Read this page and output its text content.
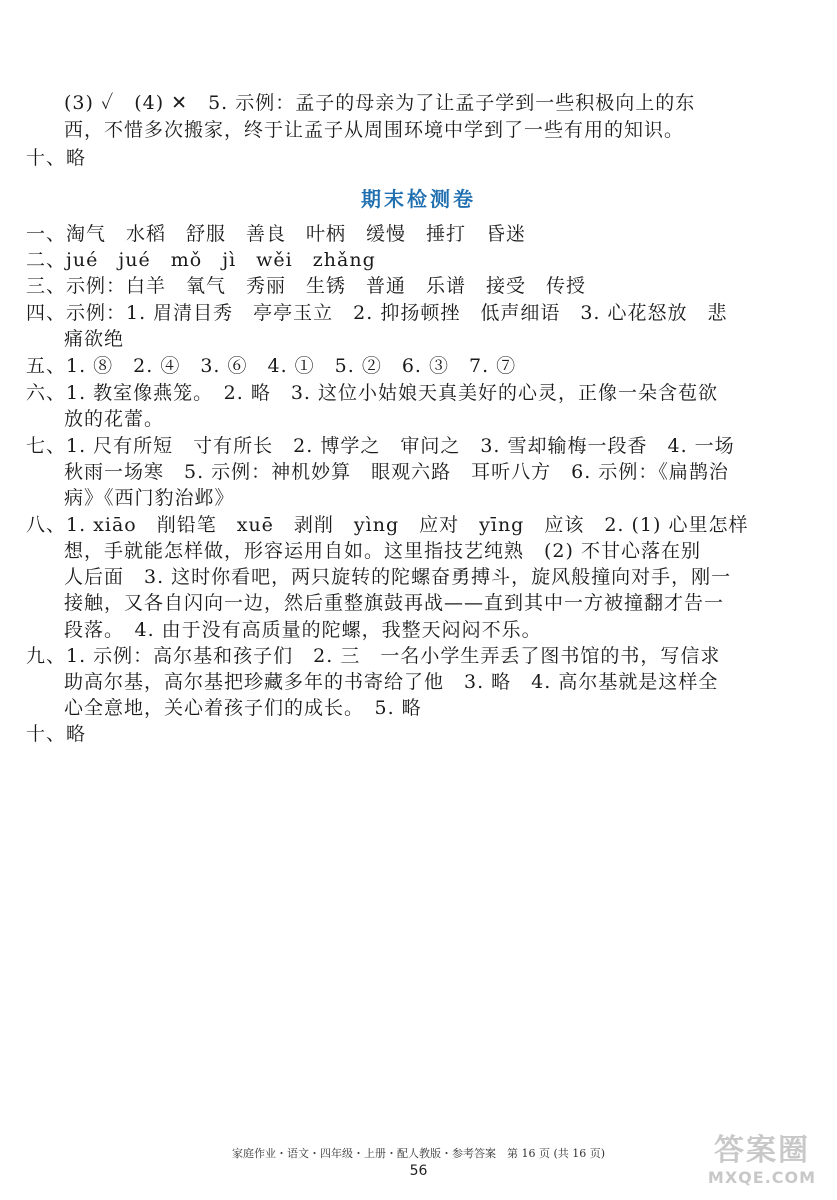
(3) ✓　(4) ✕　5. 示例：孟子的母亲为了让孟子学到一些积极向上的东
西，不惜多次搬家，终于让孟子从周围环境中学到了一些有用的知识。
十、略
期末检测卷
一、淘气　水稻　舒服　善良　叶柄　缓慢　捶打　昏迷
二、jué　jué　mǒ　jì　wěi　zhǎng
三、示例：白羊　氧气　秀丽　生锈　普通　乐谱　接受　传授
四、示例：1. 眉清目秀　亭亭玉立　2. 抑扬顿挫　低声细语　3. 心花怒放　悲
痛欲绝
五、1. ⑧　2. ④　3. ⑥　4. ①　5. ②　6. ③　7. ⑦
六、1. 教室像燕笼。　2. 略　3. 这位小姑娘天真美好的心灵，正像一朵含苞欲
放的花蕾。
七、1. 尺有所短　寸有所长　2. 博学之　审问之　3. 雪却输梅一段香　4. 一场
秋雨一场寒　5. 示例：神机妙算　眼观六路　耳听八方　6. 示例：《扁鹊治
病》《西门豹治邺》
八、1. xiāo　削铅笔　xuē　剥削　yìng　应对　yīng　应该　2. (1) 心里怎样
想，手就能怎样做，形容运用自如。这里指技艺纯熟　(2) 不甘心落在别
人后面　3. 这时你看吧，两只旋转的陀螺奋勇搏斗，旋风般撞向对手，刚一
接触，又各自闪向一边，然后重整旗鼓再战——直到其中一方被撞翻才告一
段落。　4. 由于没有高质量的陀螺，我整天闷闷不乐。
九、1. 示例：高尔基和孩子们　2. 三　一名小学生弄丢了图书馆的书，写信求
助高尔基，高尔基把珍藏多年的书寄给了他　3. 略　4. 高尔基就是这样全
心全意地，关心着孩子们的成长。　5. 略
十、略
家庭作业・语文・四年级・上册・配人教版・参考答案　第 16 页 (共 16 页)
56
答案圈
MXQE.COM
